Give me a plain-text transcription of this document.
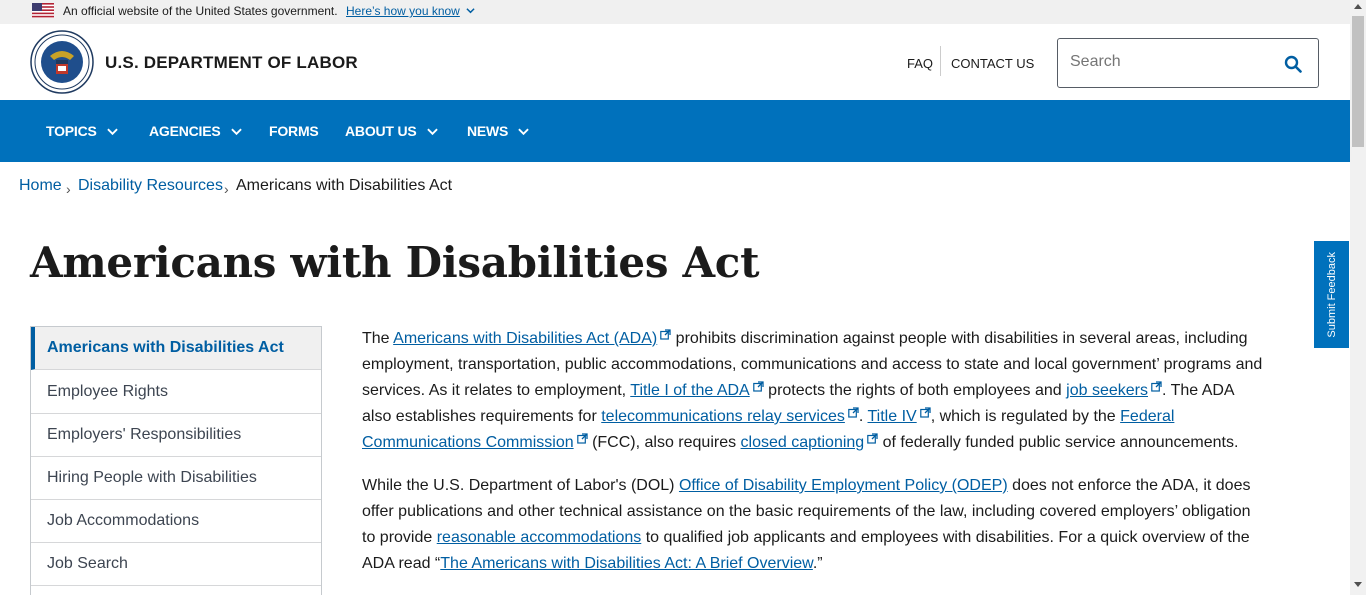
An official website of the United States government. Here’s how you know
U.S. DEPARTMENT OF LABOR	FAQ CONTACT US
Search
TOPICS	AGENCIES	FORMS ABOUT US	NEWS
Home › Disability Resources › Americans with Disabilities Act
Americans with Disabilities Act
Americans with Disabilities Act
Employee Rights
Employers' Responsibilities
Hiring People with Disabilities
Job Accommodations
Job Search

The Americans with Disabilities Act (ADA) prohibits discrimination against people with disabilities in several areas, including employment, transportation, public accommodations, communications and access to state and local government’ programs and services. As it relates to employment, Title I of the ADA protects the rights of both employees and job seekers . The ADA also establishes requirements for telecommunications relay services . Title IV , which is regulated by the Federal Communications Commission (FCC), also requires closed captioning of federally funded public service announcements.

While the U.S. Department of Labor's (DOL) Office of Disability Employment Policy (ODEP) does not enforce the ADA, it does offer publications and other technical assistance on the basic requirements of the law, including covered employers’ obligation to provide reasonable accommodations to qualified job applicants and employees with disabilities. For a quick overview of the ADA read “The Americans with Disabilities Act: A Brief Overview.”

Submit Feedback
